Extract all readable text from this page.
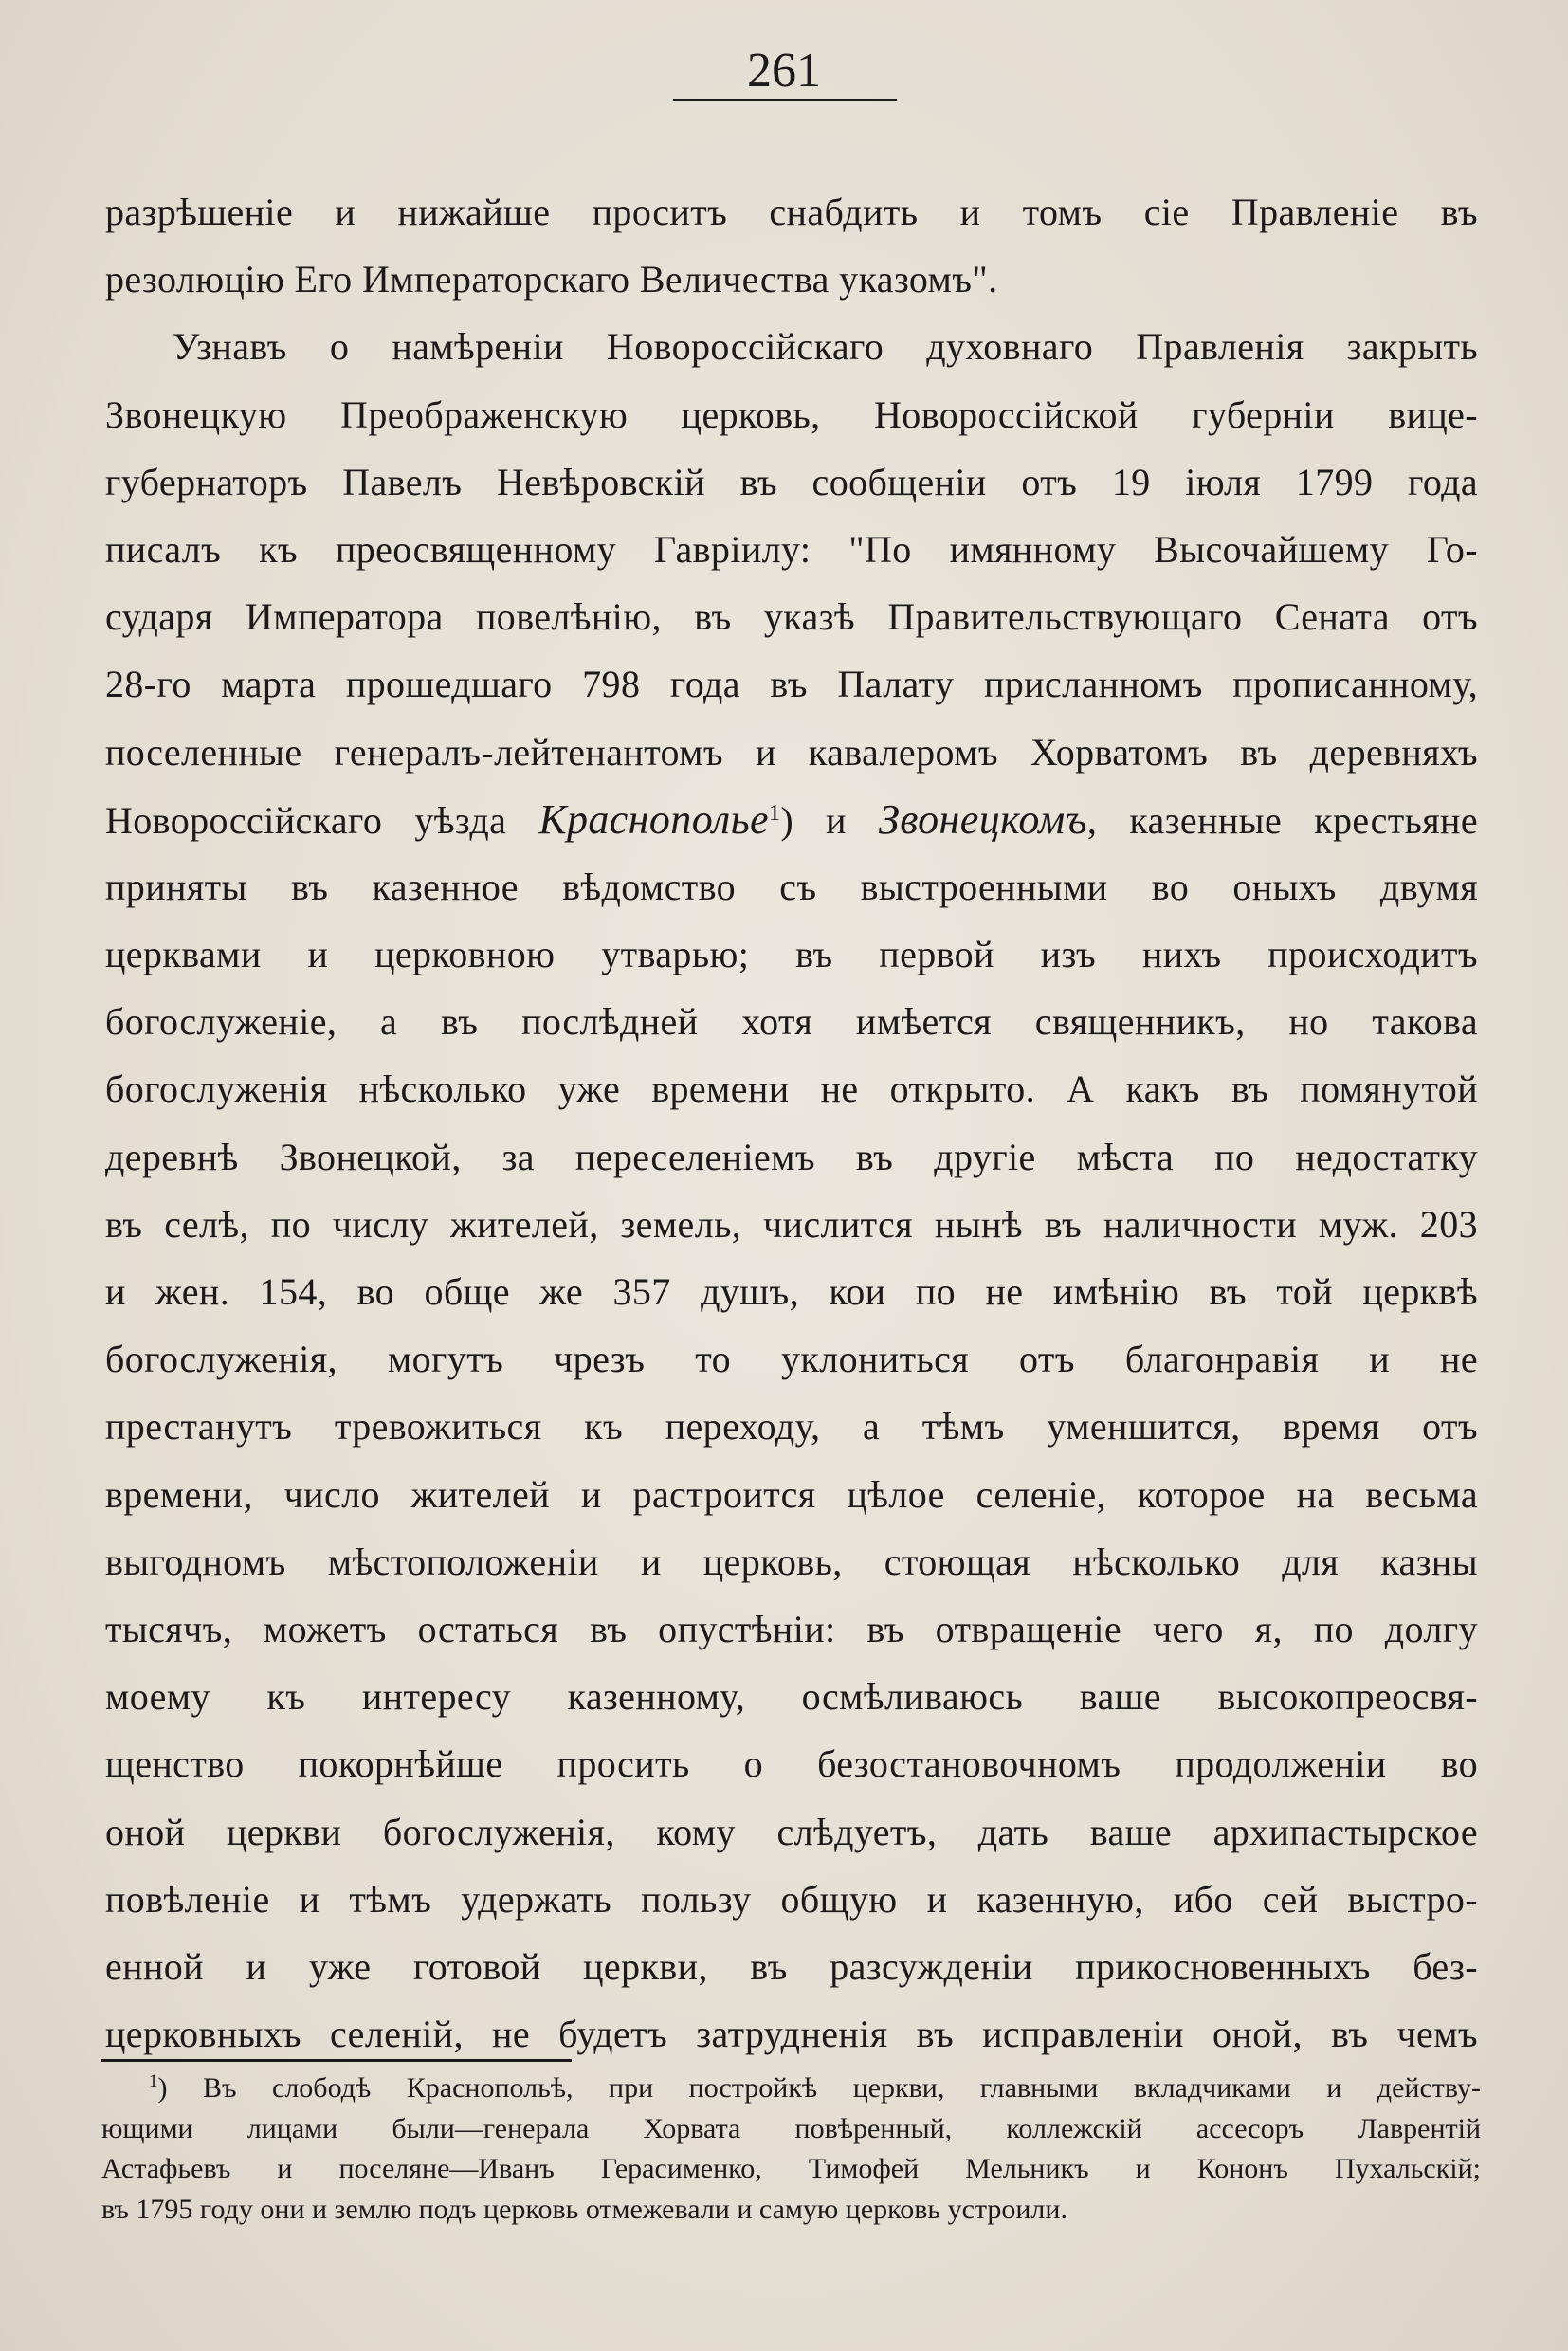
261
разрѣшеніе и нижайше проситъ снабдить и томъ сіе Правленіе въ
резолюцію Его Императорскаго Величества указомъ".
Узнавъ о намѣреніи Новороссійскаго духовнаго Правленія закрыть
Звонецкую Преображенскую церковь, Новороссійской губерніи вице-
губернаторъ Павелъ Невѣровскій въ сообщеніи отъ 19 іюля 1799 года
писалъ къ преосвященному Гавріилу: "По имянному Высочайшему Го-
сударя Императора повелѣнію, въ указѣ Правительствующаго Сената отъ
28-го марта прошедшаго 798 года въ Палату присланномъ прописанному,
поселенные генералъ-лейтенантомъ и кавалеромъ Хорватомъ въ деревняхъ
Новороссійскаго уѣзда Краснополье$^1$) и Звонецкомъ, казенные крестьяне
приняты въ казенное вѣдомство съ выстроенными во оныхъ двумя
церквами и церковною утварью; въ первой изъ нихъ происходитъ
богослуженіе, а въ послѣдней хотя имѣется священникъ, но такова
богослуженія нѣсколько уже времени не открыто. А какъ въ помянутой
деревнѣ Звонецкой, за переселеніемъ въ другіе мѣста по недостатку
въ селѣ, по числу жителей, земель, числится нынѣ въ наличности муж. 203
и жен. 154, во обще же 357 душъ, кои по не имѣнію въ той церквѣ
богослуженія, могутъ чрезъ то уклониться отъ благонравія и не
престанутъ тревожиться къ переходу, а тѣмъ уменшится, время отъ
времени, число жителей и растроится цѣлое селеніе, которое на весьма
выгодномъ мѣстоположеніи и церковь, стоющая нѣсколько для казны
тысячъ, можетъ остаться въ опустѣніи: въ отвращеніе чего я, по долгу
моему къ интересу казенному, осмѣливаюсь ваше высокопреосвя-
щенство покорнѣйше просить о безостановочномъ продолженіи во
оной церкви богослуженія, кому слѣдуетъ, дать ваше архипастырское
повѣленіе и тѣмъ удержать пользу общую и казенную, ибо сей выстро-
енной и уже готовой церкви, въ разсужденіи прикосновенныхъ без-
церковныхъ селеній, не будетъ затрудненія въ исправленіи оной, въ чемъ
$^1$) Въ слободѣ Краснопольѣ, при постройкѣ церкви, главными вкладчиками и действу-
ющими лицами были—генерала Хорвата повѣренный, коллежскій ассесоръ Лаврентій
Астафьевъ и поселяне—Иванъ Герасименко, Тимофей Мельникъ и Кононъ Пухальскій;
въ 1795 году они и землю подъ церковь отмежевали и самую церковь устроили.
